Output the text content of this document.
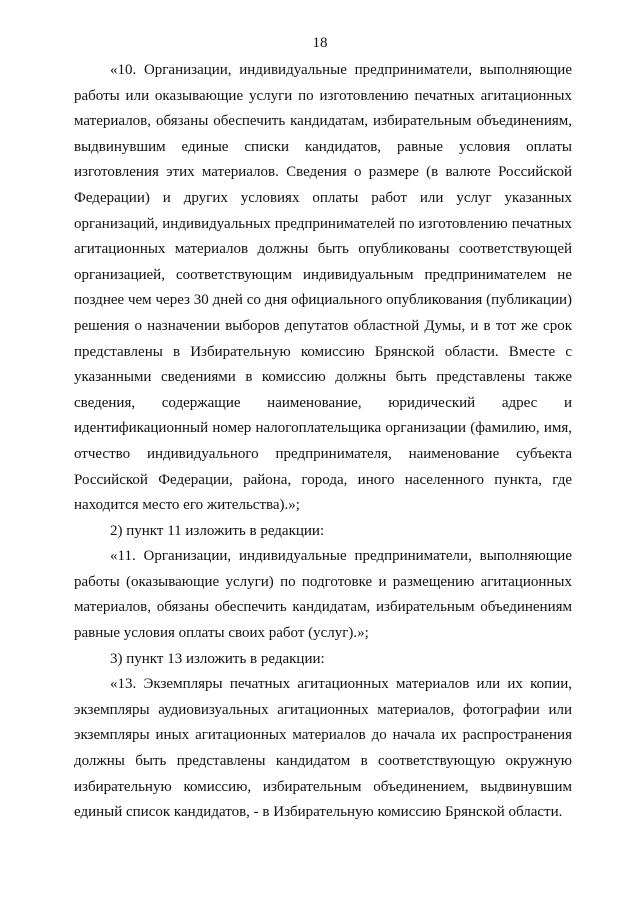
18

«10. Организации, индивидуальные предприниматели, выполняющие работы или оказывающие услуги по изготовлению печатных агитационных материалов, обязаны обеспечить кандидатам, избирательным объединениям, выдвинувшим единые списки кандидатов, равные условия оплаты изготовления этих материалов. Сведения о размере (в валюте Российской Федерации) и других условиях оплаты работ или услуг указанных организаций, индивидуальных предпринимателей по изготовлению печатных агитационных материалов должны быть опубликованы соответствующей организацией, соответствующим индивидуальным предпринимателем не позднее чем через 30 дней со дня официального опубликования (публикации) решения о назначении выборов депутатов областной Думы, и в тот же срок представлены в Избирательную комиссию Брянской области. Вместе с указанными сведениями в комиссию должны быть представлены также сведения, содержащие наименование, юридический адрес и идентификационный номер налогоплательщика организации (фамилию, имя, отчество индивидуального предпринимателя, наименование субъекта Российской Федерации, района, города, иного населенного пункта, где находится место его жительства).»;

2) пункт 11 изложить в редакции:

«11. Организации, индивидуальные предприниматели, выполняющие работы (оказывающие услуги) по подготовке и размещению агитационных материалов, обязаны обеспечить кандидатам, избирательным объединениям равные условия оплаты своих работ (услуг).»;

3) пункт 13 изложить в редакции:

«13. Экземпляры печатных агитационных материалов или их копии, экземпляры аудиовизуальных агитационных материалов, фотографии или экземпляры иных агитационных материалов до начала их распространения должны быть представлены кандидатом в соответствующую окружную избирательную комиссию, избирательным объединением, выдвинувшим единый список кандидатов, - в Избирательную комиссию Брянской области.
